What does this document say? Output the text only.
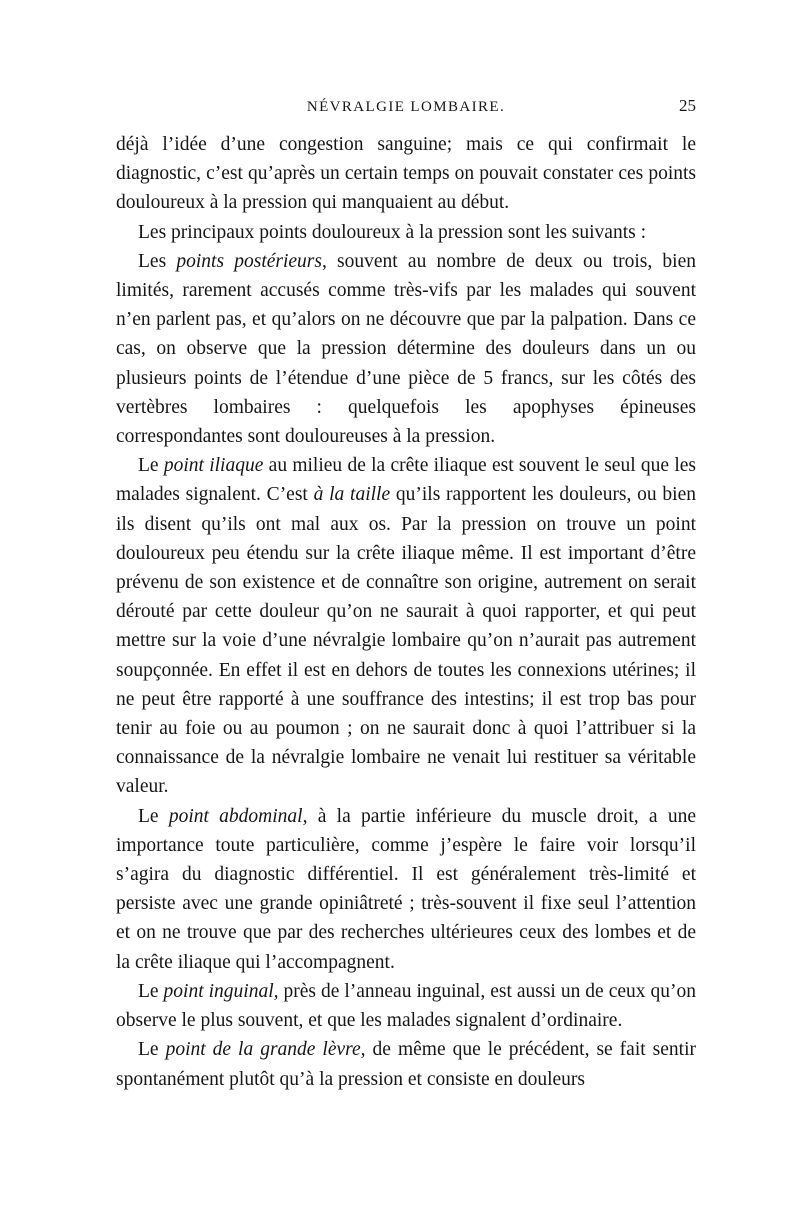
NÉVRALGIE LOMBAIRE.	25

déjà l’idée d’une congestion sanguine; mais ce qui confirmait le diagnostic, c’est qu’après un certain temps on pouvait constater ces points douloureux à la pression qui manquaient au début.

Les principaux points douloureux à la pression sont les suivants :

Les points postérieurs, souvent au nombre de deux ou trois, bien limités, rarement accusés comme très-vifs par les malades qui souvent n’en parlent pas, et qu’alors on ne découvre que par la palpation. Dans ce cas, on observe que la pression détermine des douleurs dans un ou plusieurs points de l’étendue d’une pièce de 5 francs, sur les côtés des vertèbres lombaires : quelquefois les apophyses épineuses correspondantes sont douloureuses à la pression.

Le point iliaque au milieu de la crête iliaque est souvent le seul que les malades signalent. C’est à la taille qu’ils rapportent les douleurs, ou bien ils disent qu’ils ont mal aux os. Par la pression on trouve un point douloureux peu étendu sur la crête iliaque même. Il est important d’être prévenu de son existence et de connaître son origine, autrement on serait dérouté par cette douleur qu’on ne saurait à quoi rapporter, et qui peut mettre sur la voie d’une névralgie lombaire qu’on n’aurait pas autrement soupçonnée. En effet il est en dehors de toutes les connexions utérines; il ne peut être rapporté à une souffrance des intestins; il est trop bas pour tenir au foie ou au poumon ; on ne saurait donc à quoi l’attribuer si la connaissance de la névralgie lombaire ne venait lui restituer sa véritable valeur.

Le point abdominal, à la partie inférieure du muscle droit, a une importance toute particulière, comme j’espère le faire voir lorsqu’il s’agira du diagnostic différentiel. Il est généralement très-limité et persiste avec une grande opiniâtreté ; très-souvent il fixe seul l’attention et on ne trouve que par des recherches ultérieures ceux des lombes et de la crête iliaque qui l’accompagnent.

Le point inguinal, près de l’anneau inguinal, est aussi un de ceux qu’on observe le plus souvent, et que les malades signalent d’ordinaire.

Le point de la grande lèvre, de même que le précédent, se fait sentir spontanément plutôt qu’à la pression et consiste en douleurs
